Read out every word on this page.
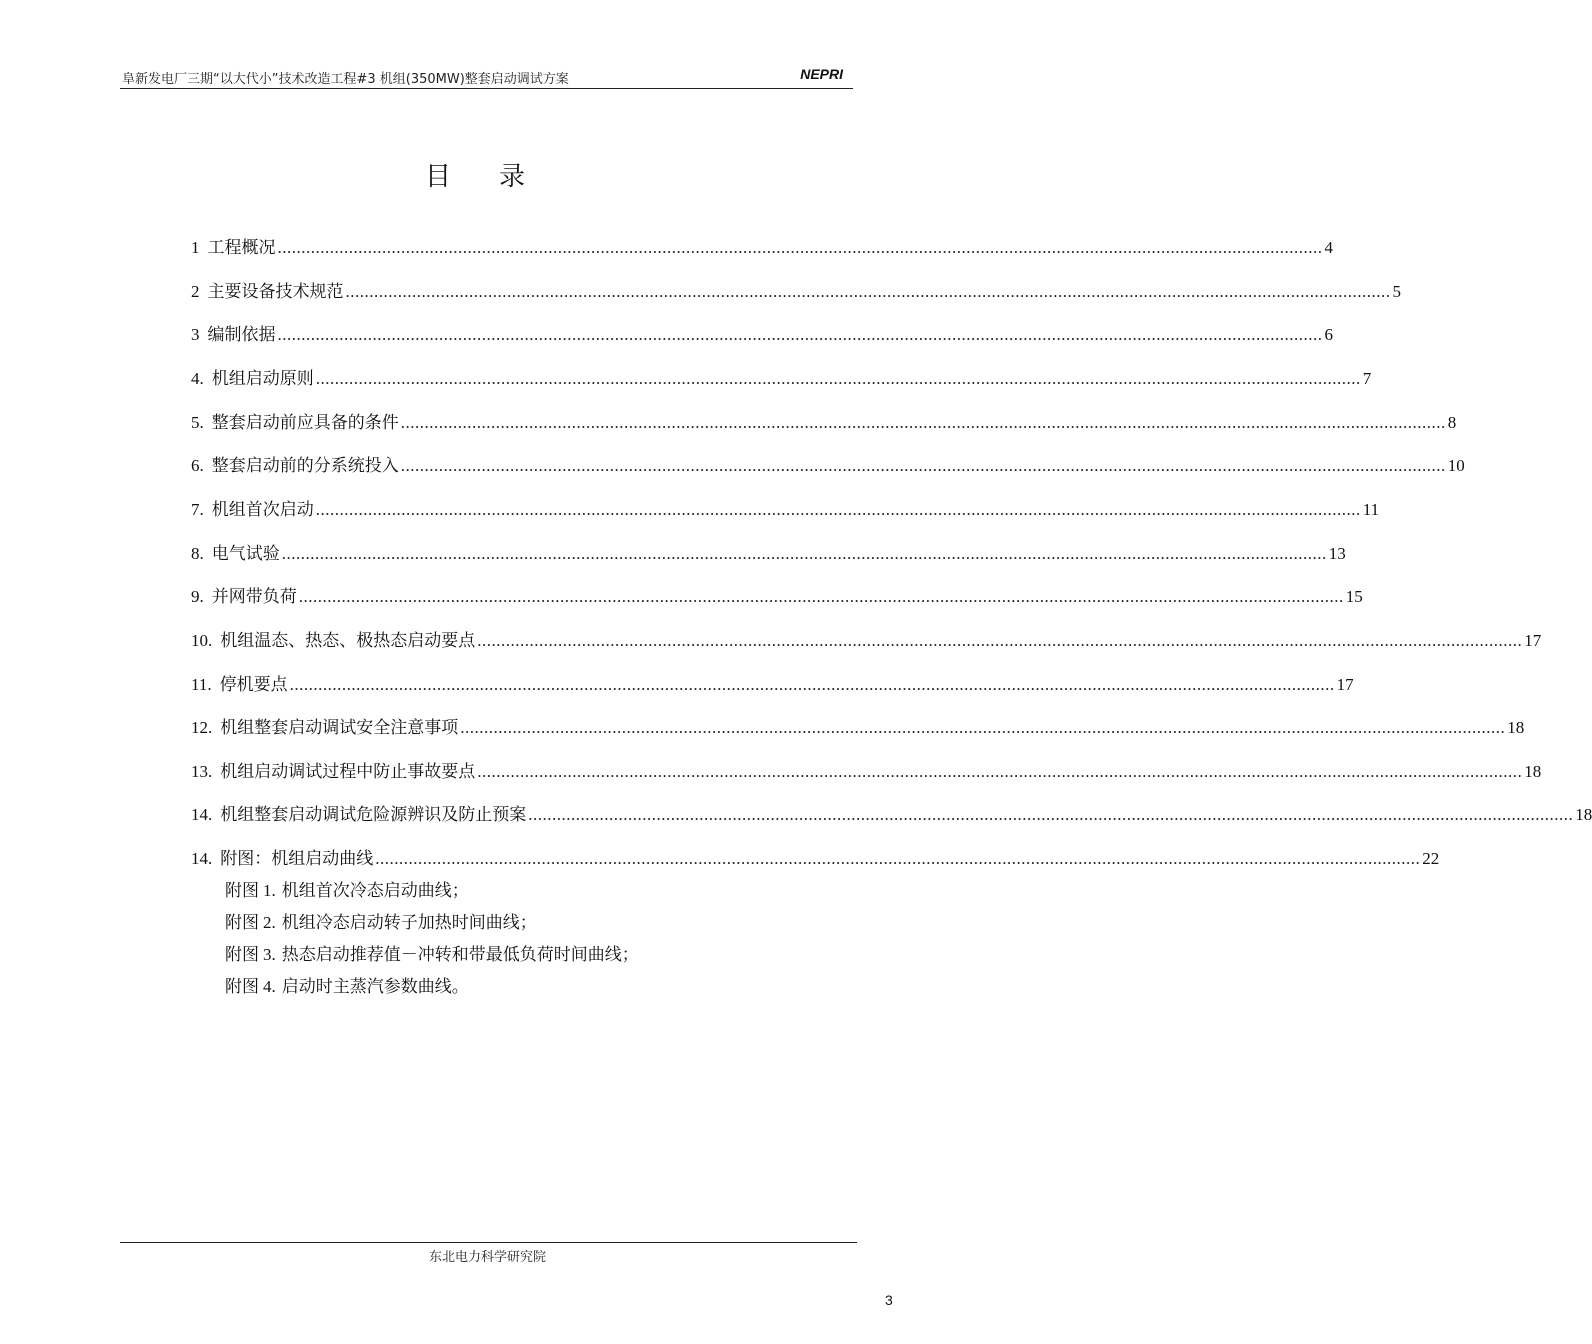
阜新发电厂三期“以大代小”技术改造工程#3 机组(350MW)整套启动调试方案	NEPRI
目录
1 工程概况 ............................................................................................................................................................................................................................ 4
2 主要设备技术规范 ............................................................................................................................................................................................................................ 5
3 编制依据 ............................................................................................................................................................................................................................ 6
4. 机组启动原则 ............................................................................................................................................................................................................................ 7
5. 整套启动前应具备的条件 ............................................................................................................................................................................................................................ 8
6. 整套启动前的分系统投入 ............................................................................................................................................................................................................................ 10
7. 机组首次启动 ............................................................................................................................................................................................................................ 11
8. 电气试验 ............................................................................................................................................................................................................................ 13
9. 并网带负荷 ............................................................................................................................................................................................................................ 15
10. 机组温态、热态、极热态启动要点 ............................................................................................................................................................................................................................ 17
11. 停机要点 ............................................................................................................................................................................................................................ 17
12. 机组整套启动调试安全注意事项 ............................................................................................................................................................................................................................ 18
13. 机组启动调试过程中防止事故要点 ............................................................................................................................................................................................................................ 18
14. 机组整套启动调试危险源辨识及防止预案 ............................................................................................................................................................................................................................ 18
14. 附图：机组启动曲线 ............................................................................................................................................................................................................................ 22
附图 1. 机组首次冷态启动曲线；
附图 2. 机组冷态启动转子加热时间曲线；
附图 3. 热态启动推荐值－冲转和带最低负荷时间曲线；
附图 4. 启动时主蒸汽参数曲线。
东北电力科学研究院
3
